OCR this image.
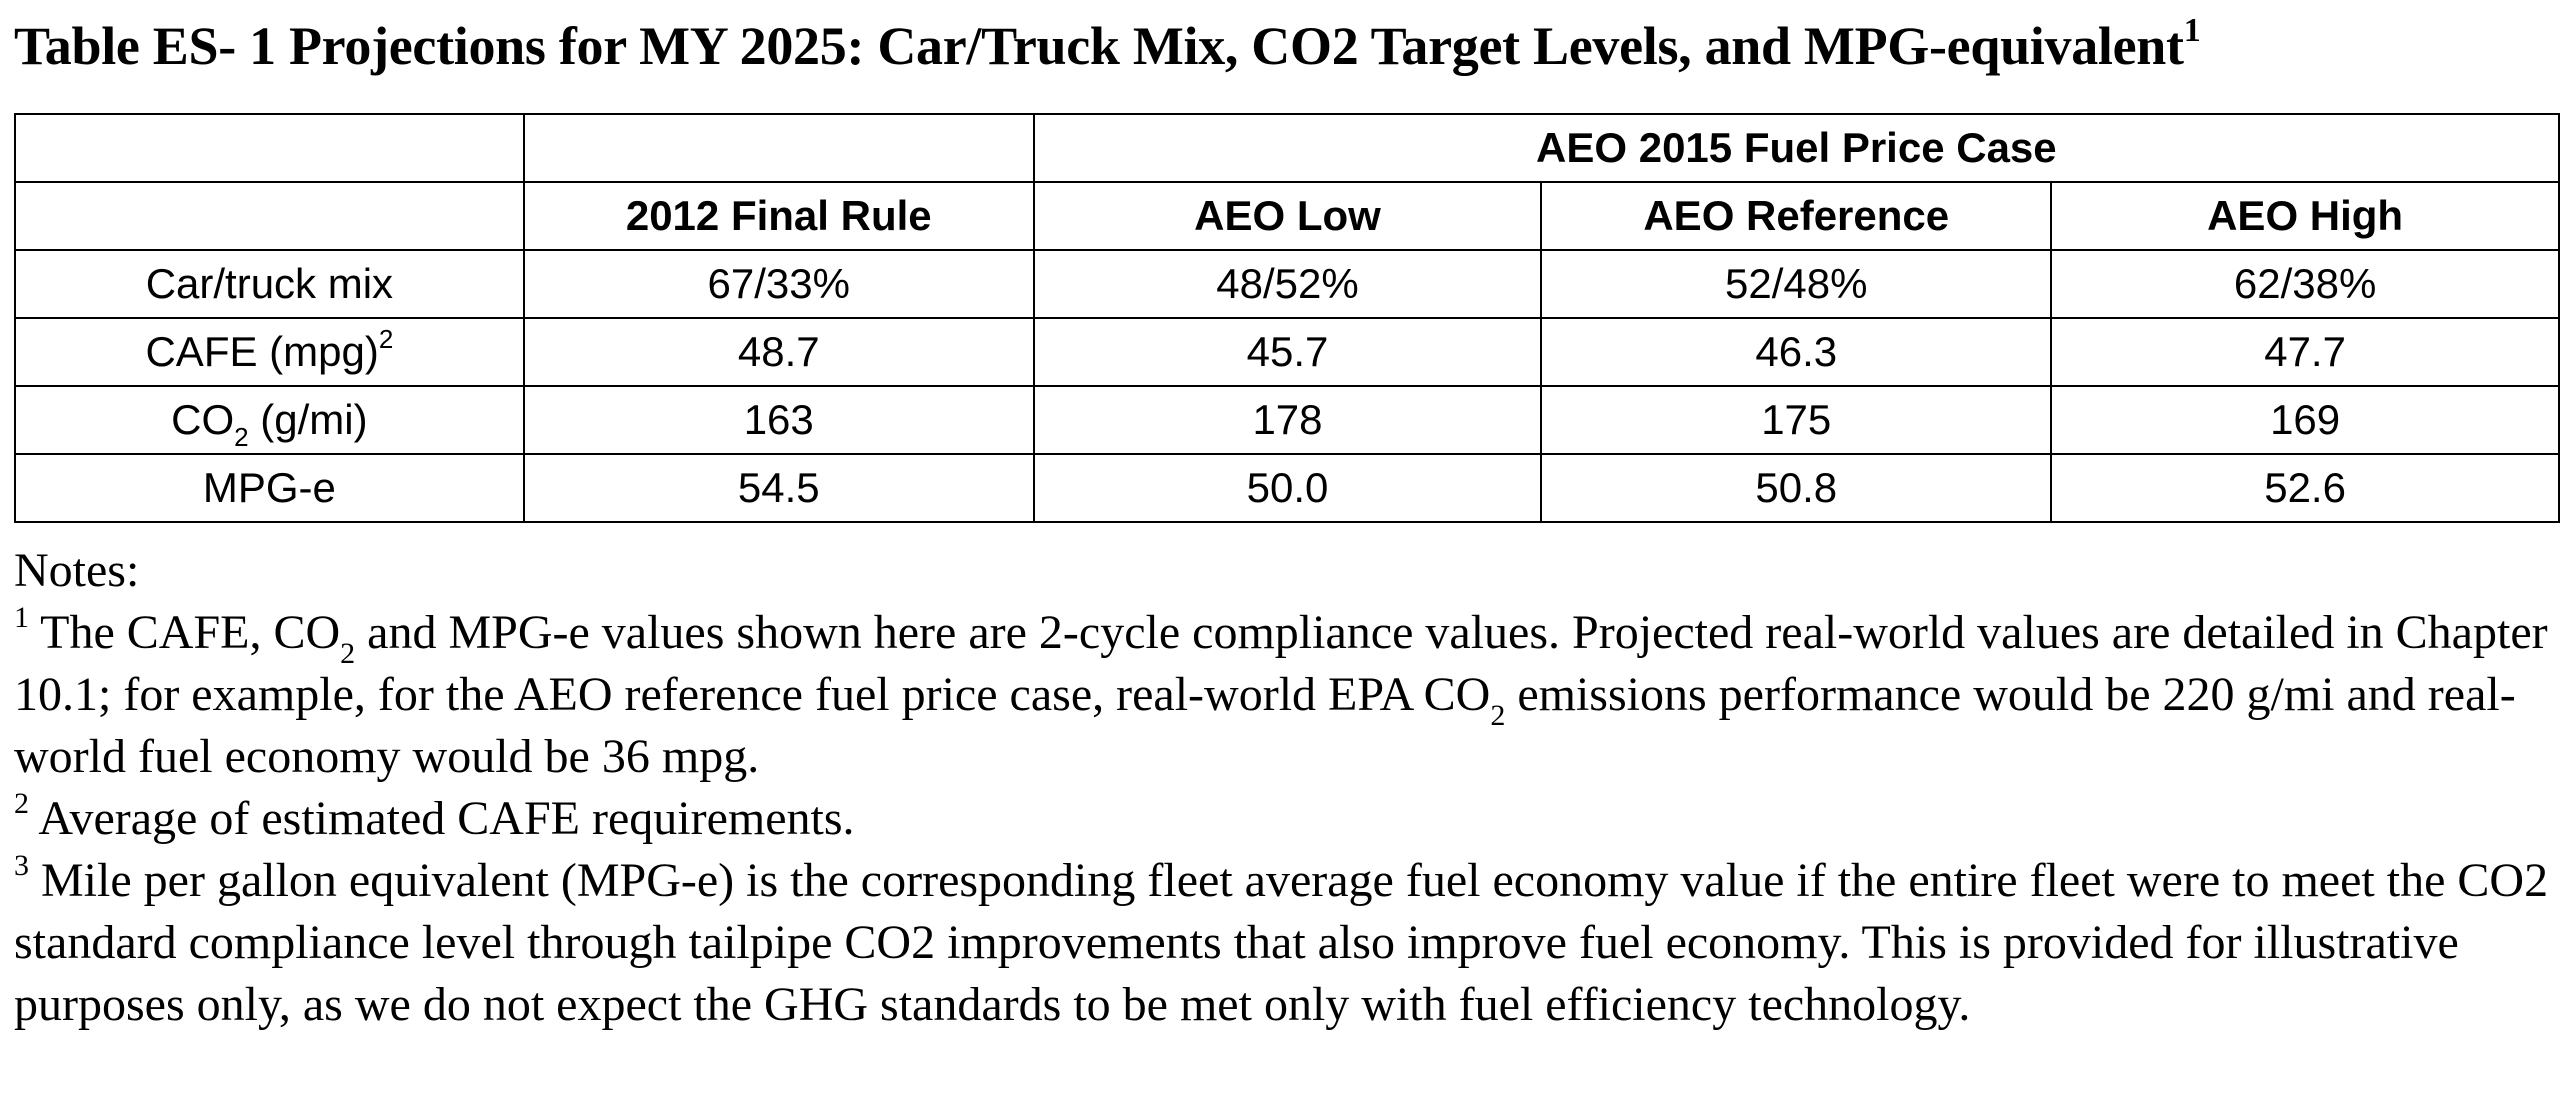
Table ES- 1 Projections for MY 2025: Car/Truck Mix, CO2 Target Levels, and MPG-equivalent$^1$
		AEO 2015 Fuel Price Case		
	2012 Final Rule	AEO Low	AEO Reference	AEO High
Car/truck mix	67/33%	48/52%	52/48%	62/38%
CAFE (mpg)$^2$	48.7	45.7	46.3	47.7
$CO_2$ (g/mi)	163	178	175	169
MPG-e	54.5	50.0	50.8	52.6

Notes:

$^1$ The CAFE, $CO_2$ and MPG-e values shown here are 2-cycle compliance values. Projected real-world values are detailed in Chapter 10.1; for example, for the AEO reference fuel price case, real-world EPA $CO_2$ emissions performance would be 220 g/mi and real-world fuel economy would be 36 mpg.

$^2$ Average of estimated CAFE requirements.

$^3$ Mile per gallon equivalent (MPG-e) is the corresponding fleet average fuel economy value if the entire fleet were to meet the CO2 standard compliance level through tailpipe CO2 improvements that also improve fuel economy. This is provided for illustrative purposes only, as we do not expect the GHG standards to be met only with fuel efficiency technology.
